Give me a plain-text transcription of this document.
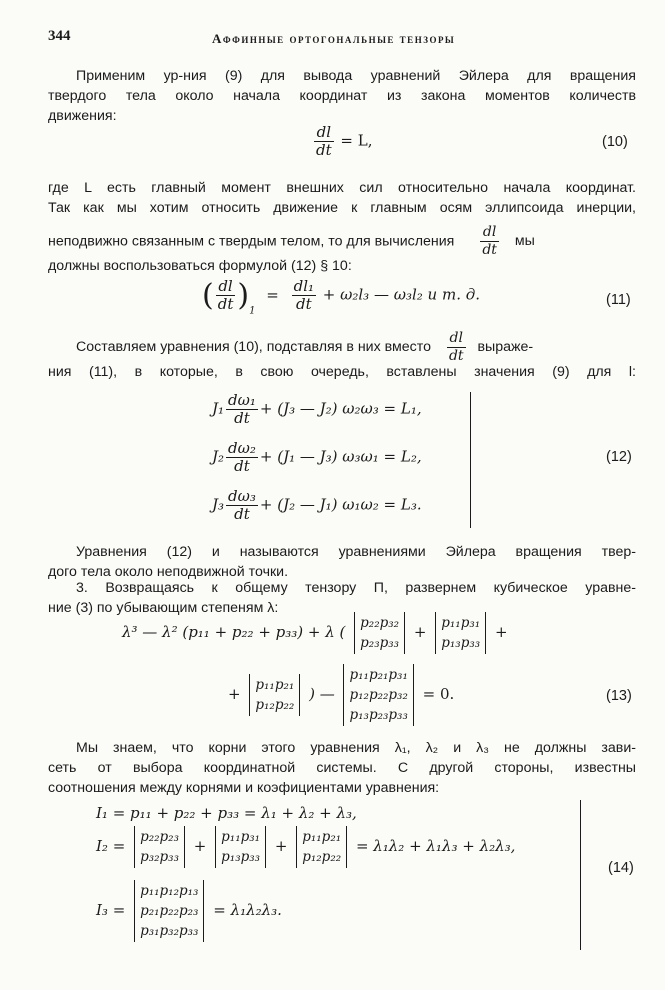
344	Аффинные ортогональные тензоры
Применим ур-ния (9) для вывода уравнений Эйлера для вращения
твердого тела около начала координат из закона моментов количеств
движения:
$\frac{dl}{dt} = L$,	(10)
где L есть главный момент внешних сил относительно начала координат.
Так как мы хотим относить движение к главным осям эллипсоида инерции,
неподвижно связанным с твердым телом, то для вычисления $\frac{dl}{dt}$ мы
должны воспользоваться формулой (12) § 10:
( $\frac{dl}{dt} )_1 = \frac{\text{dl₁}}{dt} + \omega_2l_3$ — ω₃l₂ и т. д.	(11)
Составляем уравнения (10), подставляя в них вместо $\frac{dl}{dt}$ выраже-
ния (11), в которые, в свою очередь, вставлены значения (9) для l:
$J_1 \frac{\text{dω₁}}{dt} + (J_3$ — J₂) ω₂ω₃ = L₁,
$J_2 \frac{\text{dω₂}}{dt} + (J_1$ — J₃) ω₃ω₁ = L₂,
$J_3 \frac{\text{dω₃}}{dt} + (J_2$ — J₁) ω₁ω₂ = L₃.
(12)
Уравнения (12) и называются уравнениями Эйлера вращения твер-
дого тела около неподвижной точки.
3. Возвращаясь к общему тензору П, развернем кубическое уравне-
ние (3) по убывающим степеням λ:
λ³ — λ² (p₁₁ + p₂₂ + p₃₃) + λ ( p₂₂p₃₂
p₂₃p₃₃
+ p₁₁p₃₁
p₁₃p₃₃
+
+ p₁₁p₂₁
p₁₂p₂₂
) —
p₁₁p₂₁p₃₁
p₁₂p₂₂p₃₂
p₁₃p₂₃p₃₃
= 0.	(13)
Мы знаем, что корни этого уравнения λ₁, λ₂ и λ₃ не должны зави-
сеть от выбора координатной системы. С другой стороны, известны
соотношения между корнями и коэфициентами уравнения:
I₁ = p₁₁ + p₂₂ + p₃₃ = λ₁ + λ₂ + λ₃,
I₂ = p₂₂p₂₃
p₃₂p₃₃
+ p₁₁p₃₁
p₁₃p₃₃
+ p₁₁p₂₁
p₁₂p₂₂
= λ₁λ₂ + λ₁λ₃ + λ₂λ₃,
I₃ =
p₁₁p₁₂p₁₃
p₂₁p₂₂p₂₃
p₃₁p₃₂p₃₃
= λ₁λ₂λ₃.
(14)
